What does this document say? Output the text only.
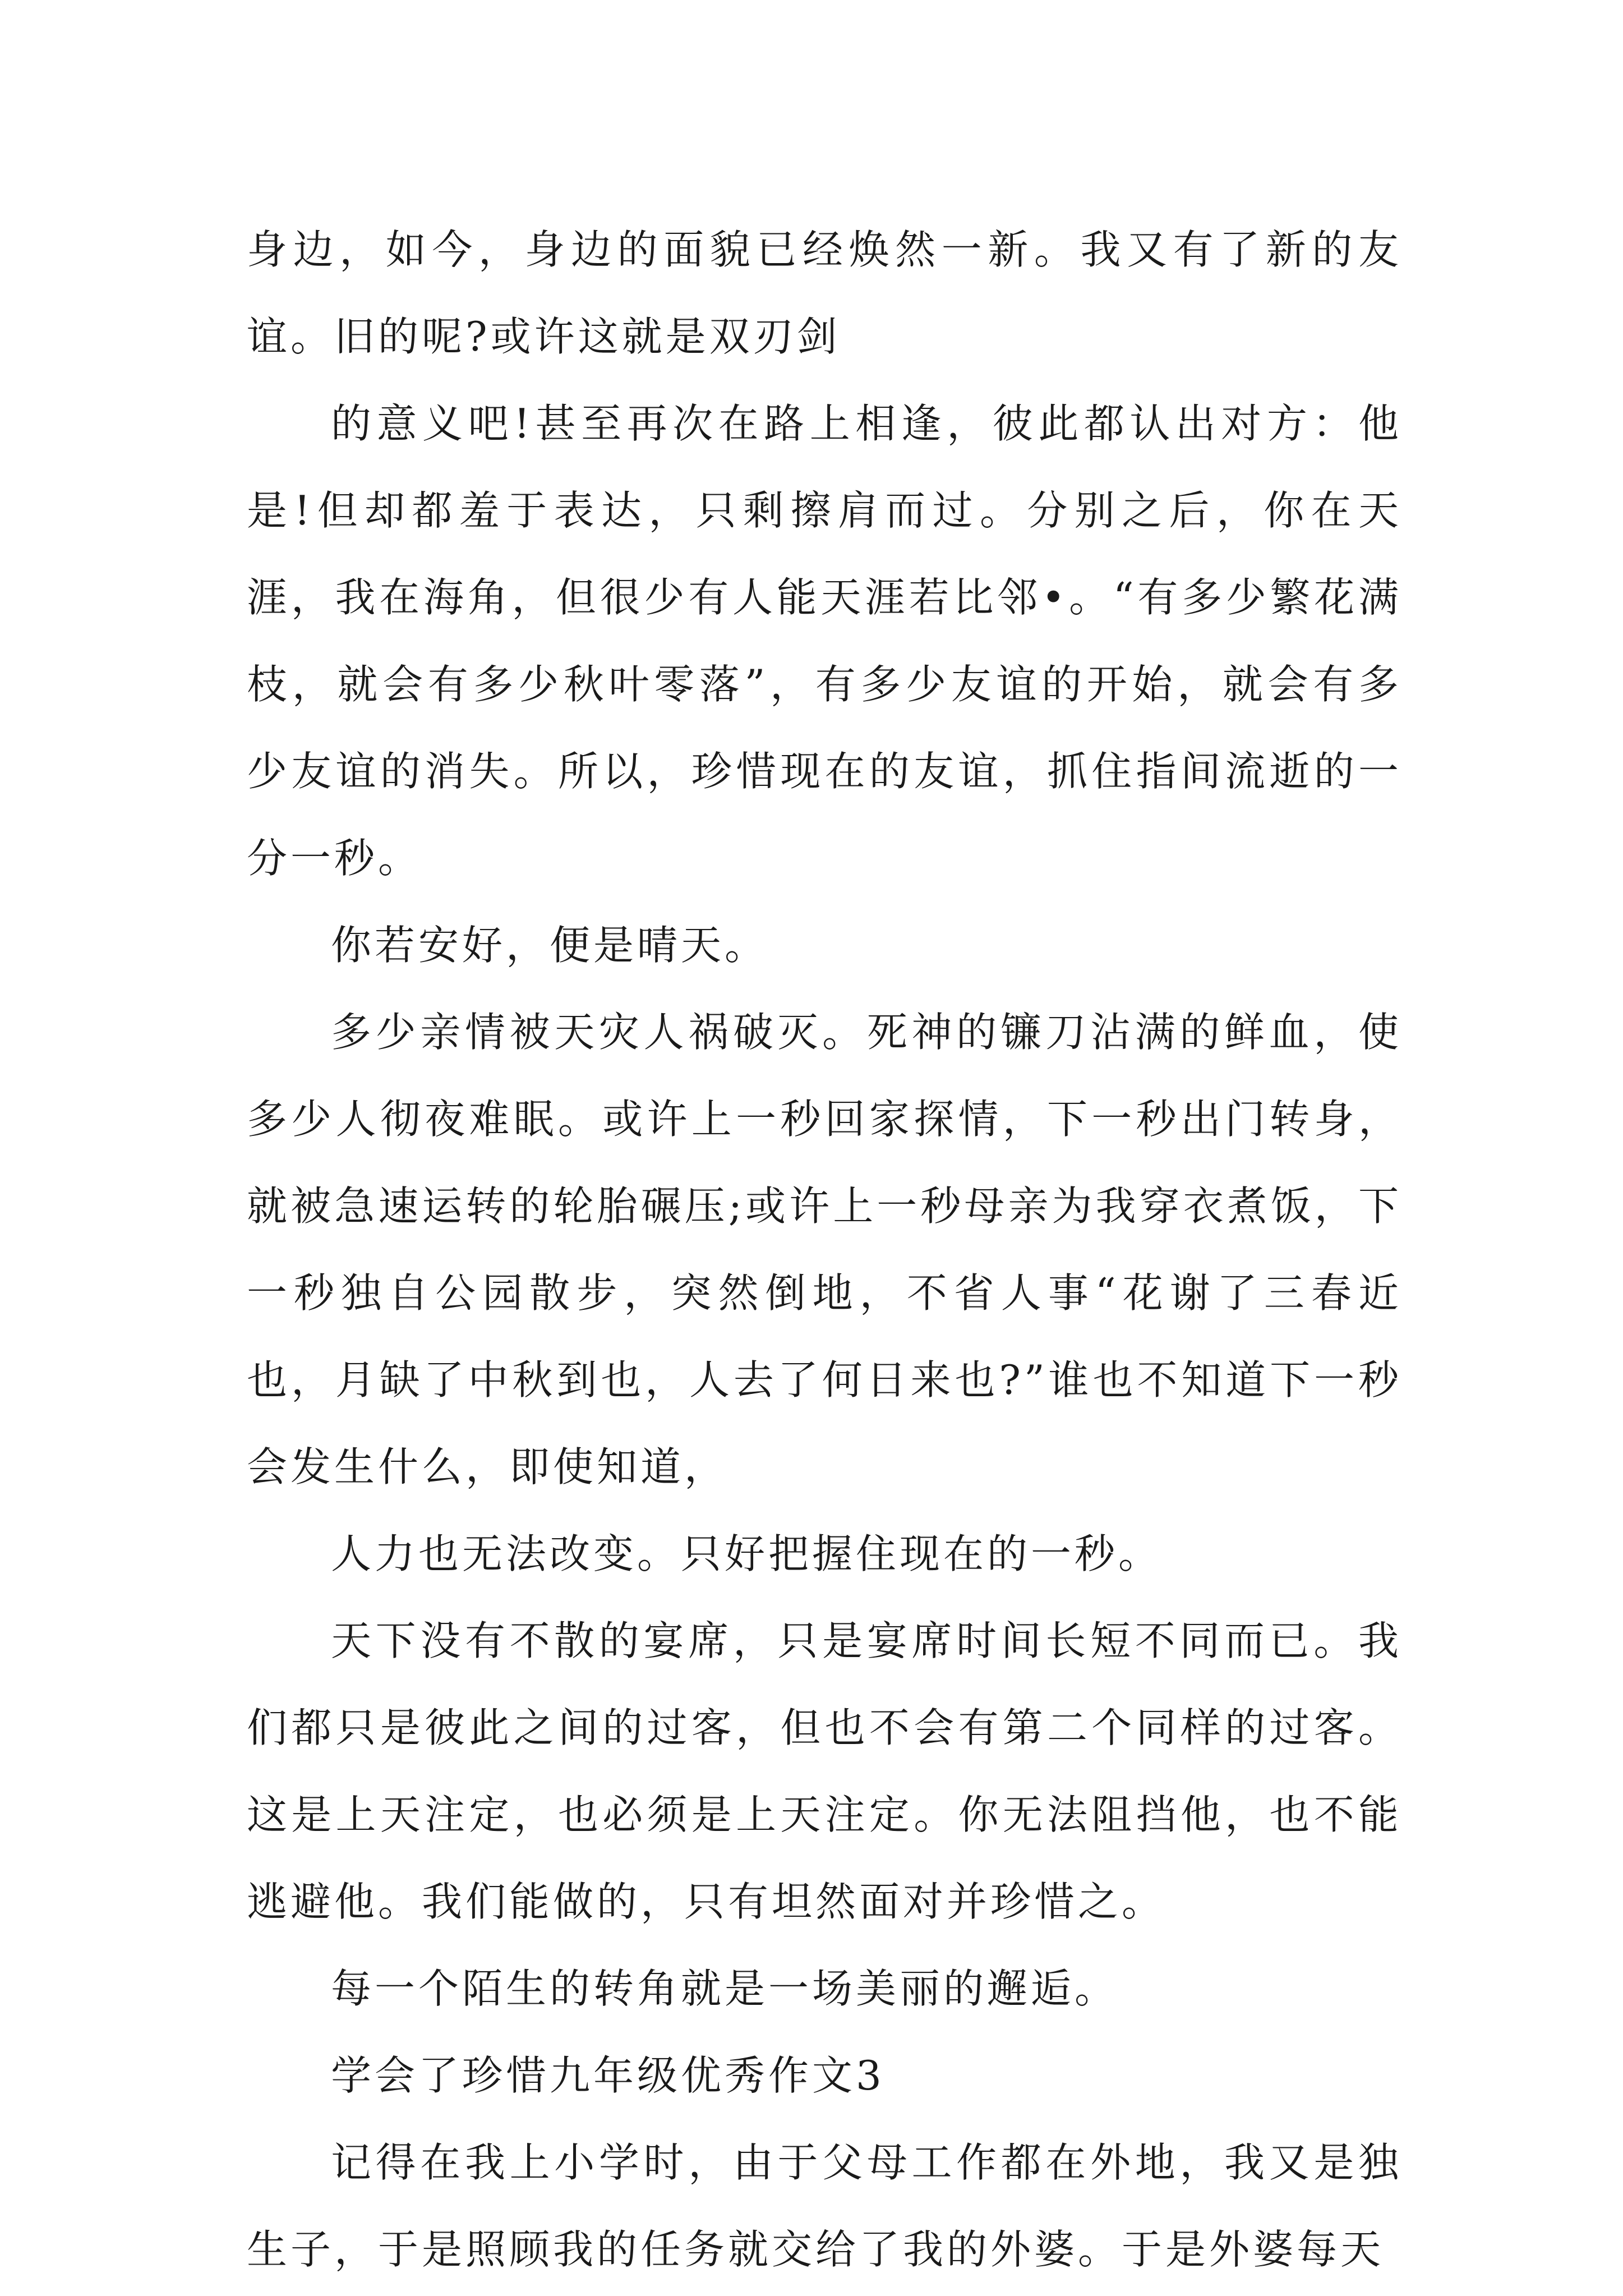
身边，如今，身边的面貌已经焕然一新。我又有了新的友谊。旧的呢?或许这就是双刃剑

的意义吧!甚至再次在路上相逢，彼此都认出对方：他是!但却都羞于表达，只剩擦肩而过。分别之后，你在天涯，我在海角，但很少有人能天涯若比邻•。“有多少繁花满枝，就会有多少秋叶零落”，有多少友谊的开始，就会有多少友谊的消失。所以，珍惜现在的友谊，抓住指间流逝的一分一秒。

你若安好，便是晴天。

多少亲情被天灾人祸破灭。死神的镰刀沾满的鲜血，使多少人彻夜难眠。或许上一秒回家探情，下一秒出门转身，就被急速运转的轮胎碾压;或许上一秒母亲为我穿衣煮饭，下一秒独自公园散步，突然倒地，不省人事“花谢了三春近也，月缺了中秋到也，人去了何日来也?”谁也不知道下一秒会发生什么，即使知道，

人力也无法改变。只好把握住现在的一秒。

天下没有不散的宴席，只是宴席时间长短不同而已。我们都只是彼此之间的过客，但也不会有第二个同样的过客。这是上天注定，也必须是上天注定。你无法阻挡他，也不能逃避他。我们能做的，只有坦然面对并珍惜之。

每一个陌生的转角就是一场美丽的邂逅。

学会了珍惜九年级优秀作文3

记得在我上小学时，由于父母工作都在外地，我又是独生子，于是照顾我的任务就交给了我的外婆。于是外婆每天
